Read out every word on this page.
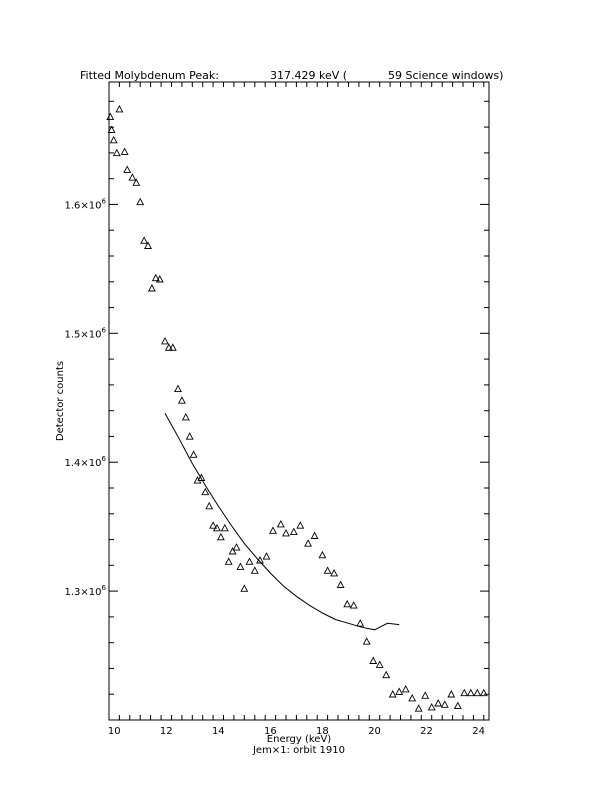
Fitted Molybdenum Peak:	317.429 keV (	59 Science windows)
10	12	14	16	18	20	22	24
$1.3\times 10^6$
$1.4\times 10^6$
$1.5\times 10^6$
$1.6\times 10^6$
Energy (keV)
Jem×1: orbit 1910
Detector counts
